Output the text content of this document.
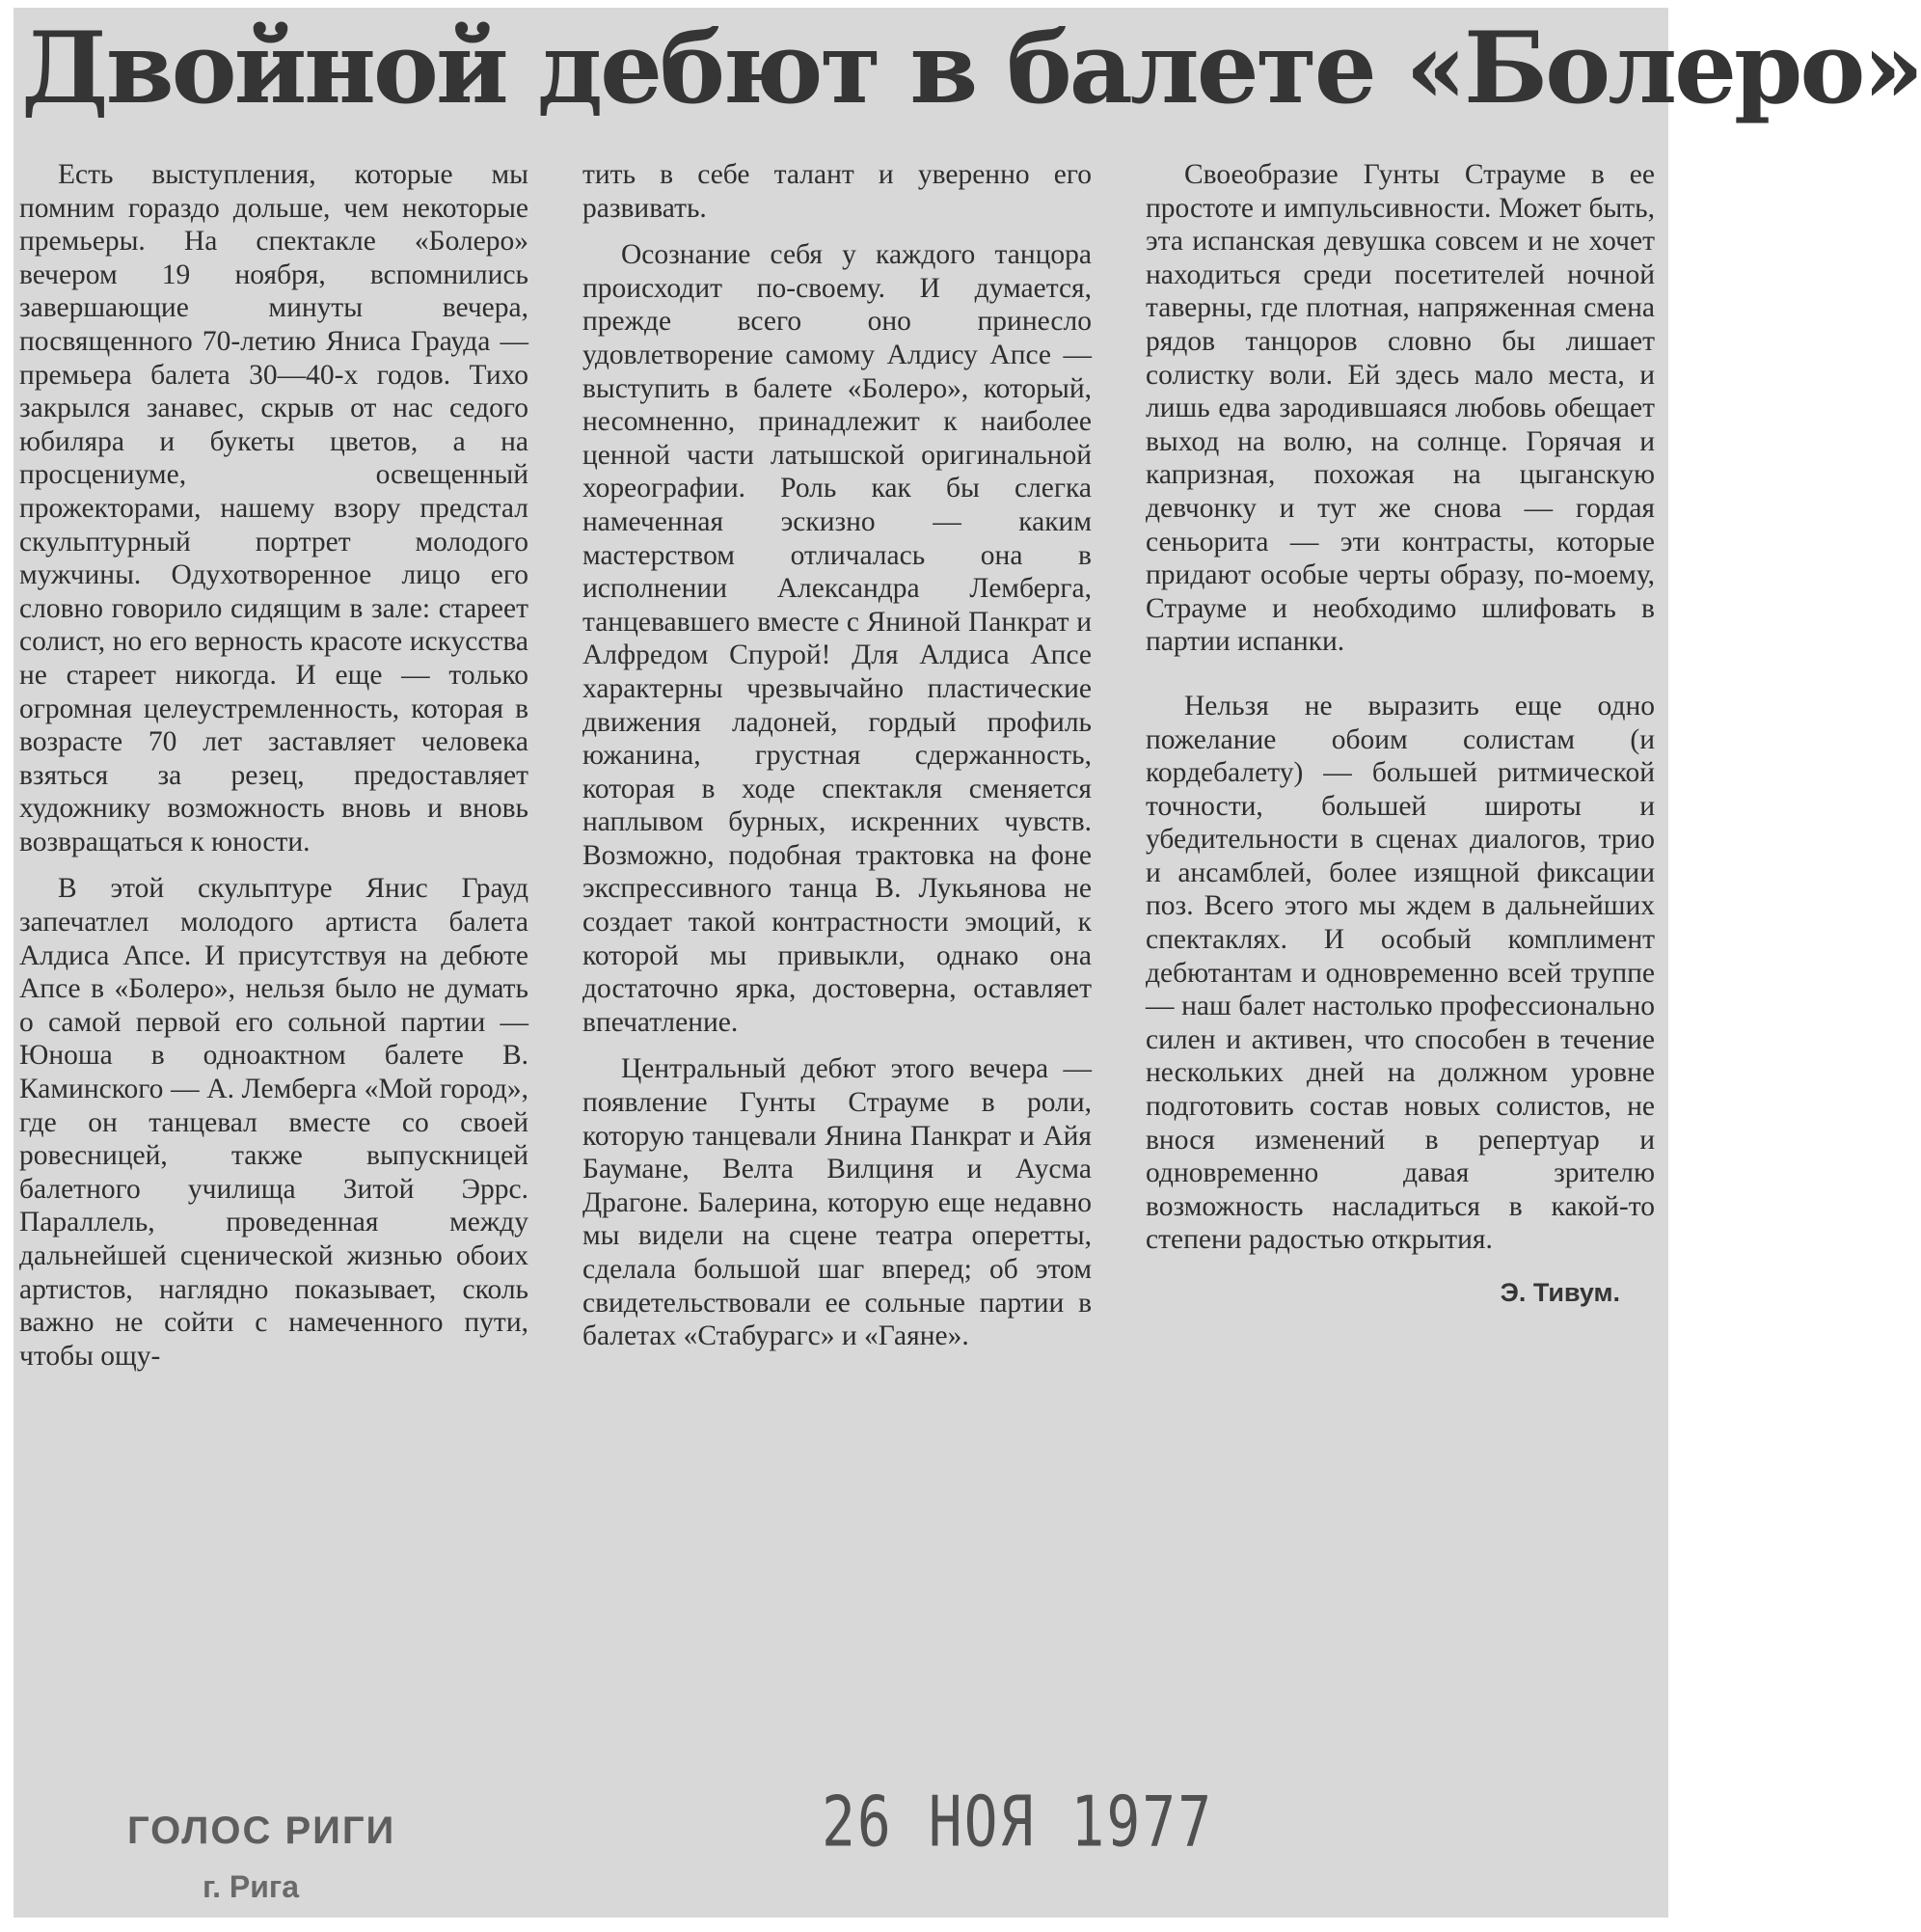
Двойной дебют в балете «Болеро»

Есть выступления, которые мы помним гораздо дольше, чем некоторые премьеры. На спектакле «Болеро» вечером 19 ноября, вспомнились завершающие минуты вечера, посвященного 70-летию Яниса Грауда — премьера балета 30—40-х годов. Тихо закрылся занавес, скрыв от нас седого юбиляра и букеты цветов, а на просцениуме, освещенный прожекторами, нашему взору предстал скульптурный портрет молодого мужчины. Одухотворенное лицо его словно говорило сидящим в зале: стареет солист, но его верность красоте искусства не стареет никогда. И еще — только огромная целеустремленность, которая в возрасте 70 лет заставляет человека взяться за резец, предоставляет художнику возможность вновь и вновь возвращаться к юности.

В этой скульптуре Янис Грауд запечатлел молодого артиста балета Алдиса Апсе. И присутствуя на дебюте Апсе в «Болеро», нельзя было не думать о самой первой его сольной партии — Юноша в одноактном балете В. Каминского — А. Лемберга «Мой город», где он танцевал вместе со своей ровесницей, также выпускницей балетного училища Зитой Эррс. Параллель, проведенная между дальнейшей сценической жизнью обоих артистов, наглядно показывает, сколь важно не сойти с намеченного пути, чтобы ощу-

тить в себе талант и уверенно его развивать.

Осознание себя у каждого танцора происходит по-своему. И думается, прежде всего оно принесло удовлетворение самому Алдису Апсе — выступить в балете «Болеро», который, несомненно, принадлежит к наиболее ценной части латышской оригинальной хореографии. Роль как бы слегка намеченная эскизно — каким мастерством отличалась она в исполнении Александра Лемберга, танцевавшего вместе с Яниной Панкрат и Алфредом Спурой! Для Алдиса Апсе характерны чрезвычайно пластические движения ладоней, гордый профиль южанина, грустная сдержанность, которая в ходе спектакля сменяется наплывом бурных, искренних чувств. Возможно, подобная трактовка на фоне экспрессивного танца В. Лукьянова не создает такой контрастности эмоций, к которой мы привыкли, однако она достаточно ярка, достоверна, оставляет впечатление.

Центральный дебют этого вечера — появление Гунты Страуме в роли, которую танцевали Янина Панкрат и Айя Баумане, Велта Вилциня и Аусма Драгоне. Балерина, которую еще недавно мы видели на сцене театра оперетты, сделала большой шаг вперед; об этом свидетельствовали ее сольные партии в балетах «Стабурагс» и «Гаяне».

Своеобразие Гунты Страуме в ее простоте и импульсивности. Может быть, эта испанская девушка совсем и не хочет находиться среди посетителей ночной таверны, где плотная, напряженная смена рядов танцоров словно бы лишает солистку воли. Ей здесь мало места, и лишь едва зародившаяся любовь обещает выход на волю, на солнце. Горячая и капризная, похожая на цыганскую девчонку и тут же снова — гордая сеньорита — эти контрасты, которые придают особые черты образу, по-моему, Страуме и необходимо шлифовать в партии испанки.

Нельзя не выразить еще одно пожелание обоим солистам (и кордебалету) — большей ритмической точности, большей широты и убедительности в сценах диалогов, трио и ансамблей, более изящной фиксации поз. Всего этого мы ждем в дальнейших спектаклях. И особый комплимент дебютантам и одновременно всей труппе — наш балет настолько профессионально силен и активен, что способен в течение нескольких дней на должном уровне подготовить состав новых солистов, не внося изменений в репертуар и одновременно давая зрителю возможность насладиться в какой-то степени радостью открытия.

Э. Тивум.
ГОЛОС РИГИ
г. Рига
26 НОЯ 1977
